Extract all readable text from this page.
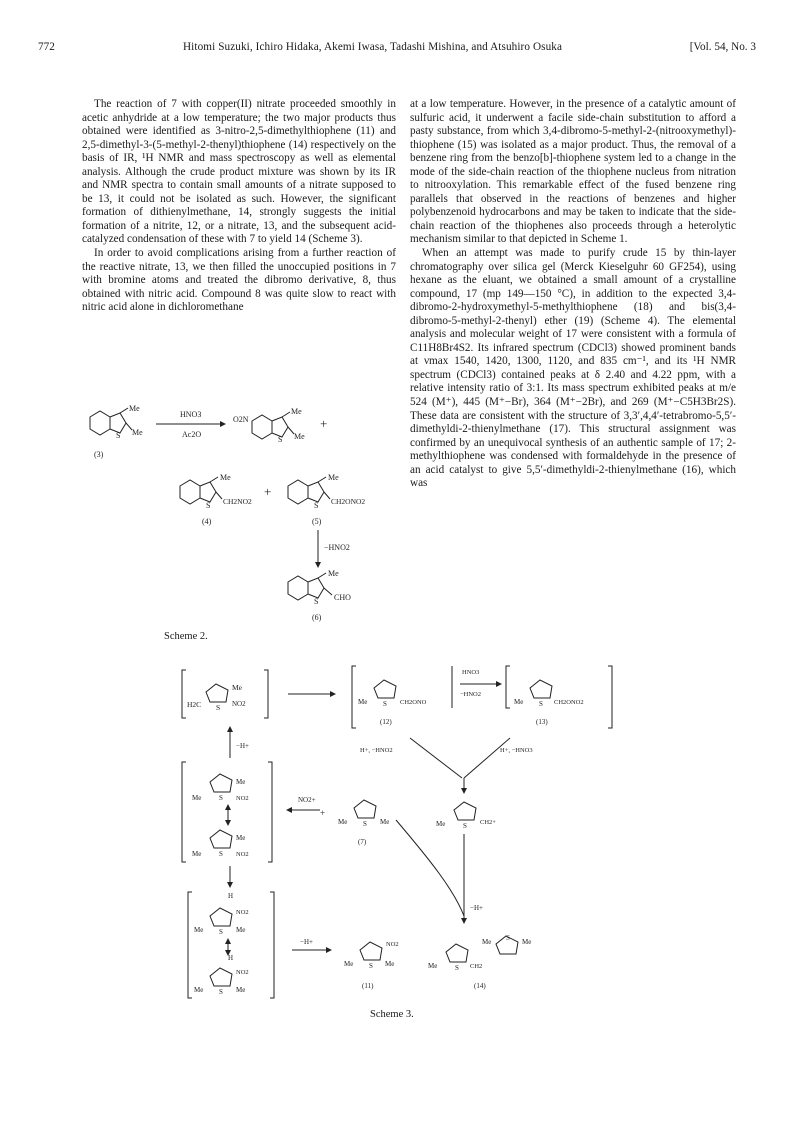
772	Hitomi Suzuki, Ichiro Hidaka, Akemi Iwasa, Tadashi Mishina, and Atsuhiro Osuka	[Vol. 54, No. 3

The reaction of 7 with copper(II) nitrate proceeded smoothly in acetic anhydride at a low temperature; the two major products thus obtained were identified as 3-nitro-2,5-dimethylthiophene (11) and 2,5-dimethyl-3-(5-methyl-2-thenyl)thiophene (14) respectively on the basis of IR, ¹H NMR and mass spectroscopy as well as elemental analysis. Although the crude product mixture was shown by its IR and NMR spectra to contain small amounts of a nitrate supposed to be 13, it could not be isolated as such. However, the significant formation of dithienylmethane, 14, strongly suggests the initial formation of a nitrite, 12, or a nitrate, 13, and the subsequent acid-catalyzed condensation of these with 7 to yield 14 (Scheme 3).

In order to avoid complications arising from a further reaction of the reactive nitrate, 13, we then filled the unoccupied positions in 7 with bromine atoms and treated the dibromo derivative, 8, thus obtained with nitric acid. Compound 8 was quite slow to react with nitric acid alone in dichloromethane

at a low temperature. However, in the presence of a catalytic amount of sulfuric acid, it underwent a facile side-chain substitution to afford a pasty substance, from which 3,4-dibromo-5-methyl-2-(nitrooxymethyl)-thiophene (15) was isolated as a major product. Thus, the removal of a benzene ring from the benzo[b]-thiophene system led to a change in the mode of the side-chain reaction of the thiophene nucleus from nitration to nitrooxylation. This remarkable effect of the fused benzene ring parallels that observed in the reactions of benzenes and higher polybenzenoid hydrocarbons and may be taken to indicate that the side-chain reaction of the thiophenes also proceeds through a heterolytic mechanism similar to that depicted in Scheme 1.

When an attempt was made to purify crude 15 by thin-layer chromatography over silica gel (Merck Kieselguhr 60 GF254), using hexane as the eluant, we obtained a small amount of a crystalline compound, 17 (mp 149—150 °C), in addition to the expected 3,4-dibromo-2-hydroxymethyl-5-methylthiophene (18) and bis(3,4-dibromo-5-methyl-2-thenyl) ether (19) (Scheme 4). The elemental analysis and molecular weight of 17 were consistent with a formula of C11H8Br4S2. Its infrared spectrum (CDCl3) showed prominent bands at νmax 1540, 1420, 1300, 1120, and 835 cm⁻¹, and its ¹H NMR spectrum (CDCl3) contained peaks at δ 2.40 and 4.22 ppm, with a relative intensity ratio of 3:1. Its mass spectrum exhibited peaks at m/e 524 (M⁺), 445 (M⁺−Br), 364 (M⁺−2Br), and 269 (M⁺−C5H3Br2S). These data are consistent with the structure of 3,3′,4,4′-tetrabromo-5,5′-dimethyldi-2-thienylmethane (17). This structural assignment was confirmed by an unequivocal synthesis of an authentic sample of 17; 2-methylthiophene was condensed with formaldehyde in the presence of an acid catalyst to give 5,5′-dimethyldi-2-thienylmethane (16), which was

Me
Me
S
(3)
HNO3
Ac2O
O2N
Me
Me
S
+
Me
S CH2NO2
(4)
+
Me
S CH2ONO2
(5)
−HNO2
Me
S CHO
(6)
Scheme 2.
H2C S
Me
NO2	Me S CH2ONO
(12)
HNO3
−HNO2
Me S CH2ONO2
(13)
H+, −HNO2	H+, −HNO3
Me	S CH2+
−H+
Me	S
Me
NO2
Me	S
Me
NO2
NO2+
+
Me S Me
(7)
−H+
H
Me S Me
NO2
H
Me S Me
NO2
−H+
Me S Me
NO2
(11)
Me	S CH2
Me S Me
(14)
Scheme 3.
